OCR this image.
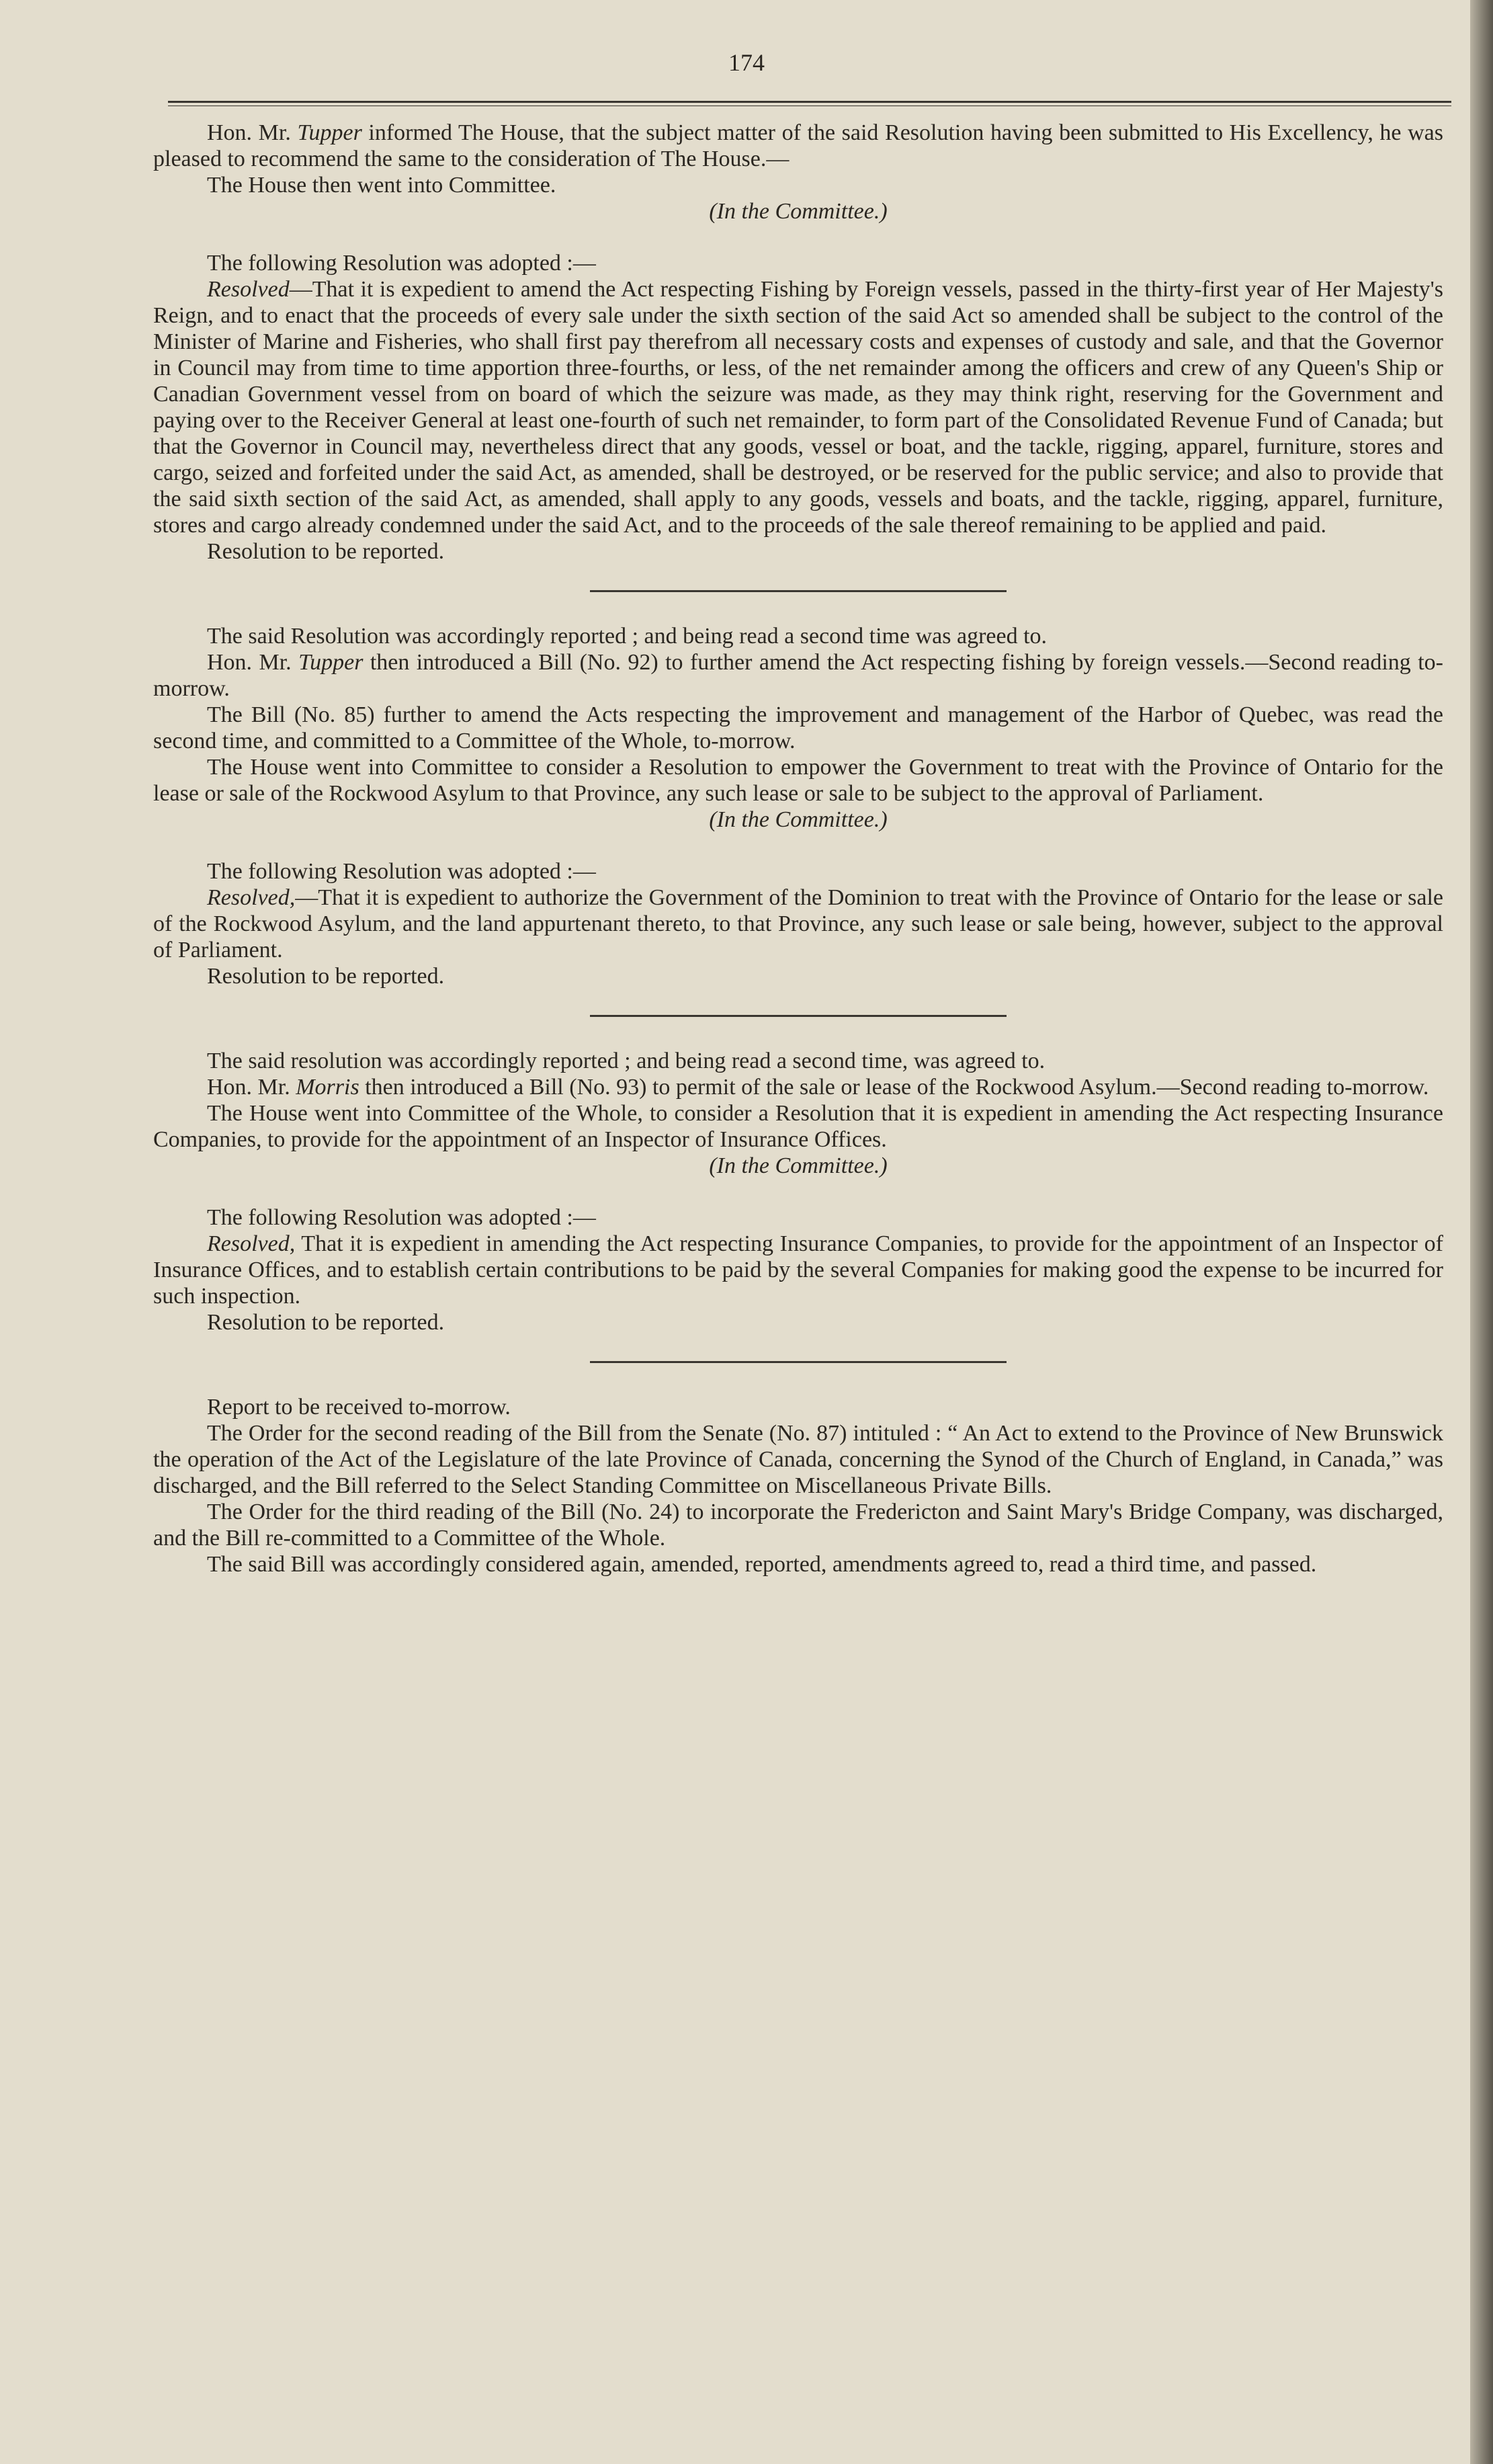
174

Hon. Mr. Tupper informed The House, that the subject matter of the said Resolution having been submitted to His Excellency, he was pleased to recommend the same to the consideration of The House.—

The House then went into Committee.

(In the Committee.)

The following Resolution was adopted :—

Resolved—That it is expedient to amend the Act respecting Fishing by Foreign vessels, passed in the thirty-first year of Her Majesty's Reign, and to enact that the proceeds of every sale under the sixth section of the said Act so amended shall be subject to the control of the Minister of Marine and Fisheries, who shall first pay therefrom all necessary costs and expenses of custody and sale, and that the Governor in Council may from time to time apportion three-fourths, or less, of the net remainder among the officers and crew of any Queen's Ship or Canadian Government vessel from on board of which the seizure was made, as they may think right, reserving for the Government and paying over to the Receiver General at least one-fourth of such net remainder, to form part of the Consolidated Revenue Fund of Canada; but that the Governor in Council may, nevertheless direct that any goods, vessel or boat, and the tackle, rigging, apparel, furniture, stores and cargo, seized and forfeited under the said Act, as amended, shall be destroyed, or be reserved for the public service; and also to provide that the said sixth section of the said Act, as amended, shall apply to any goods, vessels and boats, and the tackle, rigging, apparel, furniture, stores and cargo already condemned under the said Act, and to the proceeds of the sale thereof remaining to be applied and paid.

Resolution to be reported.

The said Resolution was accordingly reported ; and being read a second time was agreed to.

Hon. Mr. Tupper then introduced a Bill (No. 92) to further amend the Act respecting fishing by foreign vessels.—Second reading to-morrow.

The Bill (No. 85) further to amend the Acts respecting the improvement and management of the Harbor of Quebec, was read the second time, and committed to a Committee of the Whole, to-morrow.

The House went into Committee to consider a Resolution to empower the Government to treat with the Province of Ontario for the lease or sale of the Rockwood Asylum to that Province, any such lease or sale to be subject to the approval of Parliament.

(In the Committee.)

The following Resolution was adopted :—

Resolved,—That it is expedient to authorize the Government of the Dominion to treat with the Province of Ontario for the lease or sale of the Rockwood Asylum, and the land appurtenant thereto, to that Province, any such lease or sale being, however, subject to the approval of Parliament.

Resolution to be reported.

The said resolution was accordingly reported ; and being read a second time, was agreed to.

Hon. Mr. Morris then introduced a Bill (No. 93) to permit of the sale or lease of the Rockwood Asylum.—Second reading to-morrow.

The House went into Committee of the Whole, to consider a Resolution that it is expedient in amending the Act respecting Insurance Companies, to provide for the appointment of an Inspector of Insurance Offices.

(In the Committee.)

The following Resolution was adopted :—

Resolved, That it is expedient in amending the Act respecting Insurance Companies, to provide for the appointment of an Inspector of Insurance Offices, and to establish certain contributions to be paid by the several Companies for making good the expense to be incurred for such inspection.

Resolution to be reported.

Report to be received to-morrow.

The Order for the second reading of the Bill from the Senate (No. 87) intituled : “ An Act to extend to the Province of New Brunswick the operation of the Act of the Legislature of the late Province of Canada, concerning the Synod of the Church of England, in Canada,” was discharged, and the Bill referred to the Select Standing Committee on Miscellaneous Private Bills.

The Order for the third reading of the Bill (No. 24) to incorporate the Fredericton and Saint Mary's Bridge Company, was discharged, and the Bill re-committed to a Committee of the Whole.

The said Bill was accordingly considered again, amended, reported, amendments agreed to, read a third time, and passed.
